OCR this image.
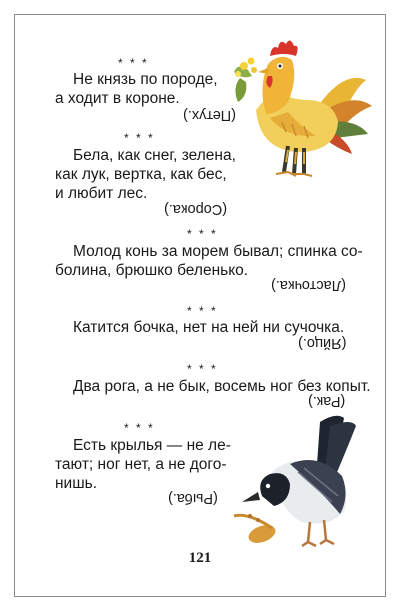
* * *
Не князь по породе,
а ходит в короне.
(Петух.)
* * *
Бела, как снег, зелена,
как лук, вертка, как бес,
и любит лес.
(Сорока.)
* * *
Молод конь за морем бывал; спинка со-
болина, брюшко беленько.
(Ласточка.)
* * *
Катится бочка, нет на ней ни сучочка.
(Яйцо.)
* * *
Два рога, а не бык, восемь ног без копыт.
(Рак.)
* * *
Есть крылья — не ле-
тают; ног нет, а не дого-
нишь.
(Рыба.)
121
